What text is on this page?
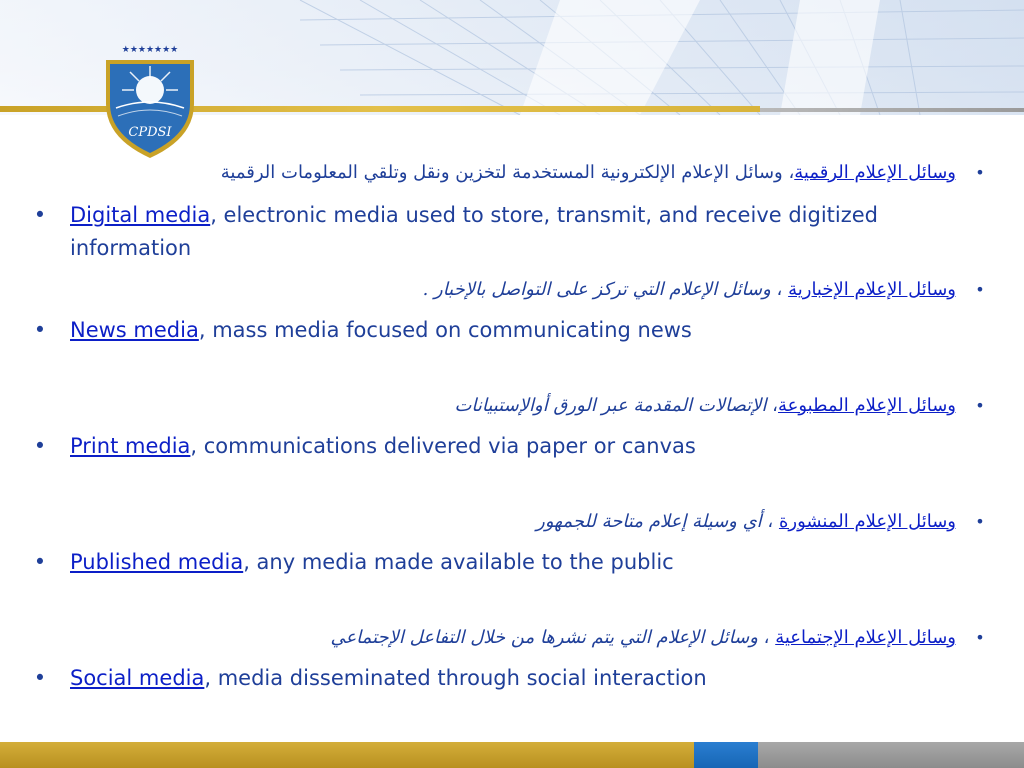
★★★★★★★
CPDSI
•
وسائل الإعلام الرقمية، وسائل الإعلام الإلكترونية المستخدمة لتخزين ونقل وتلقي المعلومات الرقمية
• Digital media, electronic media used to store, transmit, and receive digitized information
•
وسائل الإعلام الإخبارية ، وسائل الإعلام التي تركز على التواصل بالإخبار .
• News media, mass media focused on communicating news
•
وسائل الإعلام المطبوعة، الإتصالات المقدمة عبر الورق أوالإستبيانات
• Print media, communications delivered via paper or canvas
•
وسائل الإعلام المنشورة ، أي وسيلة إعلام متاحة للجمهور
• Published media, any media made available to the public
•
وسائل الإعلام الإجتماعية ، وسائل الإعلام التي يتم نشرها من خلال التفاعل الإجتماعي
• Social media, media disseminated through social interaction
